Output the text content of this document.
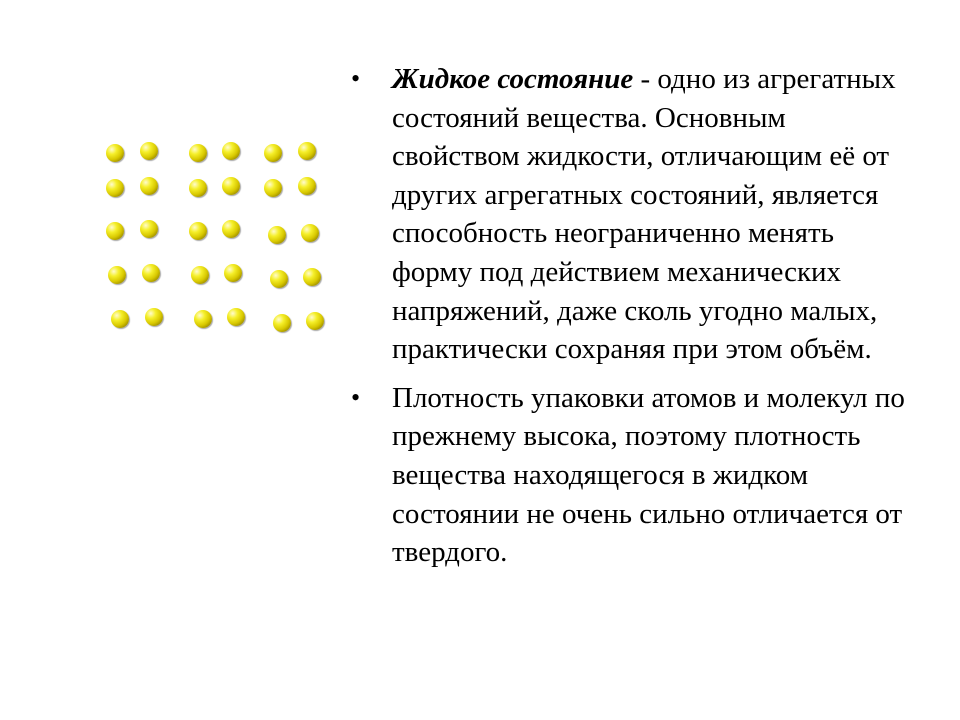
• Жидкое состояние - одно из агрегатных состояний вещества. Основным свойством жидкости, отличающим её от других агрегатных состояний, является способность неограниченно менять форму под действием механических напряжений, даже сколь угодно малых, практически сохраняя при этом объём.
• Плотность упаковки атомов и молекул по прежнему высока, поэтому плотность вещества находящегося в жидком состоянии не очень сильно отличается от твердого.
